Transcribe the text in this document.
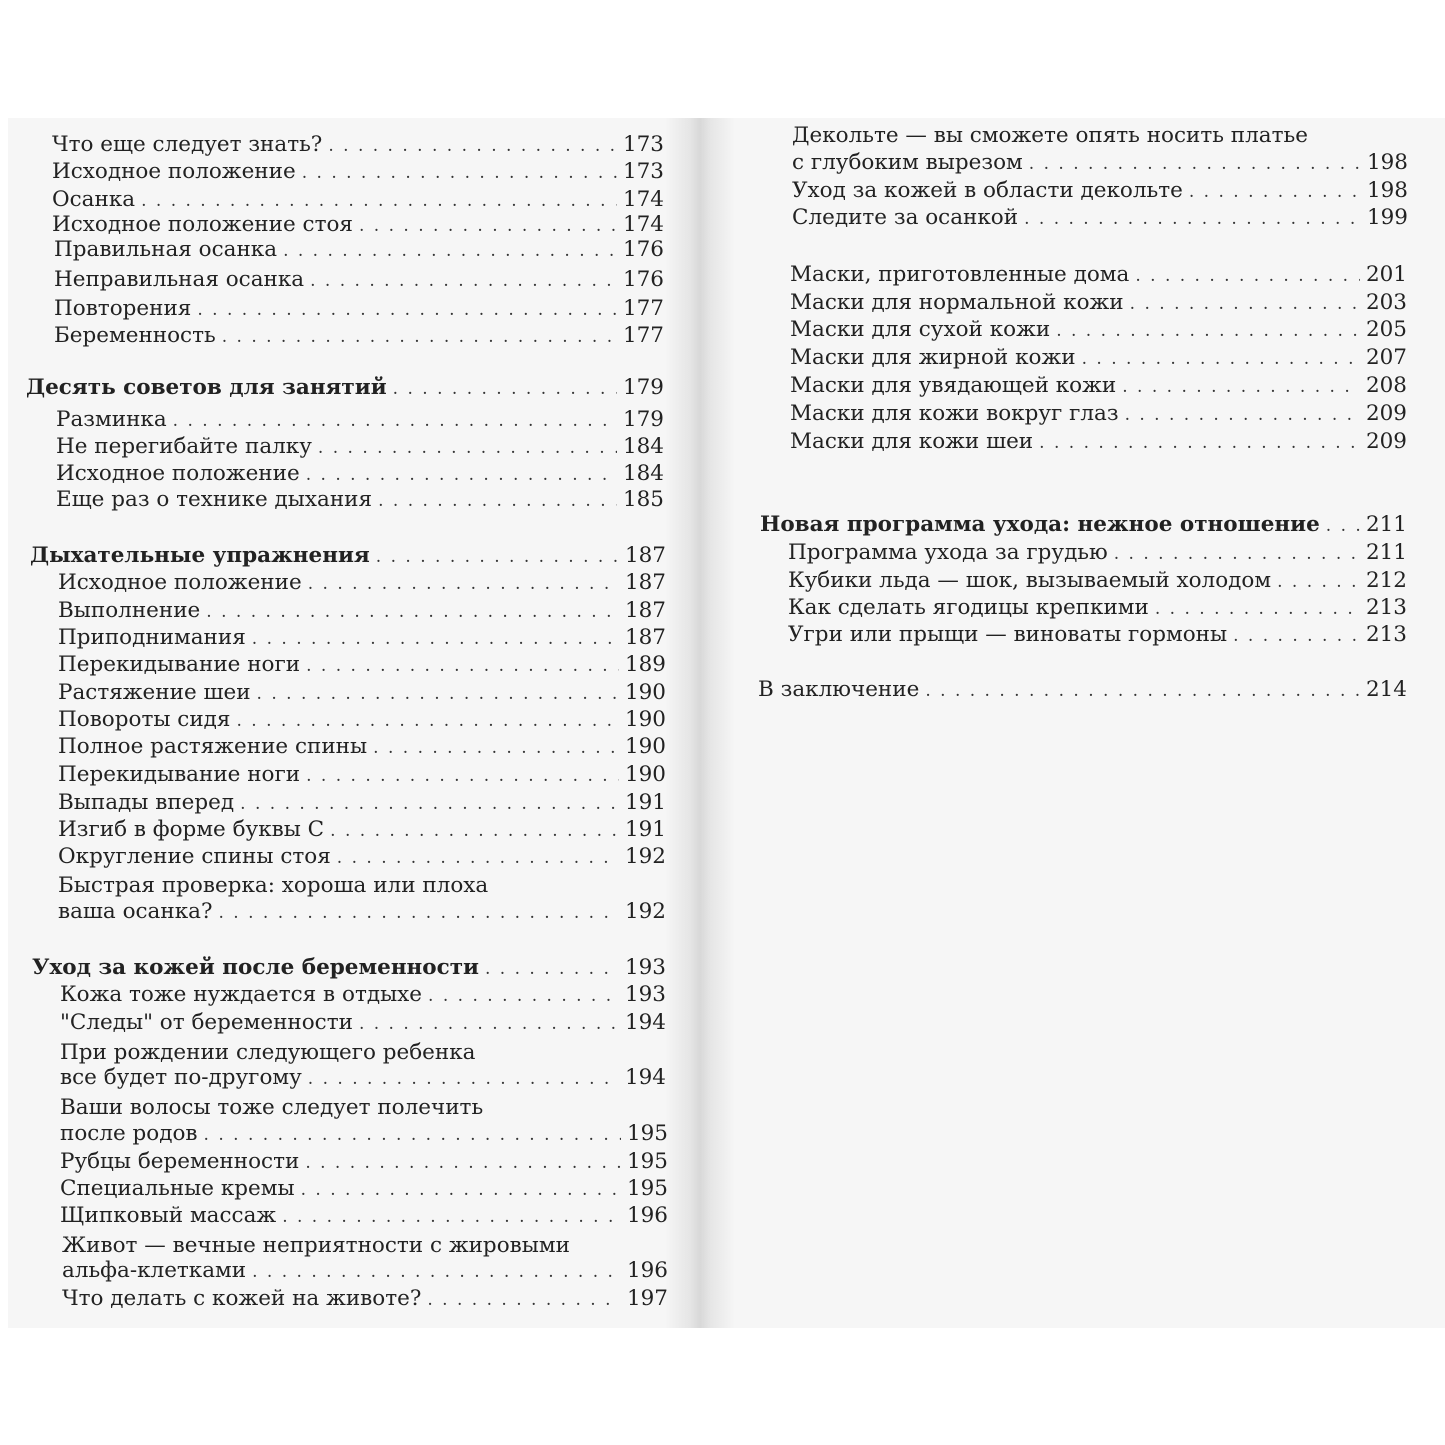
Что еще следует знать? . . .	173
Исходное положение . . .	173
Осанка . . .	174
Исходное положение стоя . . .	174
Правильная осанка . . .	176
Неправильная осанка . . .	176
Повторения . . .	177
Беременность . . .	177
Десять советов для занятий . . .	179
Разминка . . .	179
Не перегибайте палку . . .	184
Исходное положение . . .	184
Еще раз о технике дыхания . . .	185
Дыхательные упражнения . . .	187
Исходное положение . . .	187
Выполнение . . .	187
Приподнимания . . .	187
Перекидывание ноги . . .	189
Растяжение шеи . . .	190
Повороты сидя . . .	190
Полное растяжение спины . . .	190
Перекидывание ноги . . .	190
Выпады вперед . . .	191
Изгиб в форме буквы С . . .	191
Округление спины стоя . . .	192
Быстрая проверка: хороша или плоха
ваша осанка? . . .	192
Уход за кожей после беременности . . .	193
Кожа тоже нуждается в отдыхе . . .	193
"Следы" от беременности . . .	194
При рождении следующего ребенка
все будет по-другому . . .	194
Ваши волосы тоже следует полечить
после родов . . .	195
Рубцы беременности . . .	195
Специальные кремы . . .	195
Щипковый массаж . . .	196
Живот — вечные неприятности с жировыми
альфа-клетками . . .	196
Что делать с кожей на животе? . . .	197
Декольте — вы сможете опять носить платье
с глубоким вырезом . . .	198
Уход за кожей в области декольте . . .	198
Следите за осанкой . . .	199
Маски, приготовленные дома . . .	201
Маски для нормальной кожи . . .	203
Маски для сухой кожи . . .	205
Маски для жирной кожи . . .	207
Маски для увядающей кожи . . .	208
Маски для кожи вокруг глаз . . .	209
Маски для кожи шеи . . .	209
Новая программа ухода: нежное отношение . . . 211
Программа ухода за грудью . . .	211
Кубики льда — шок, вызываемый холодом . . .	212
Как сделать ягодицы крепкими . . .	213
Угри или прыщи — виноваты гормоны . . .	213
В заключение . . .	214
